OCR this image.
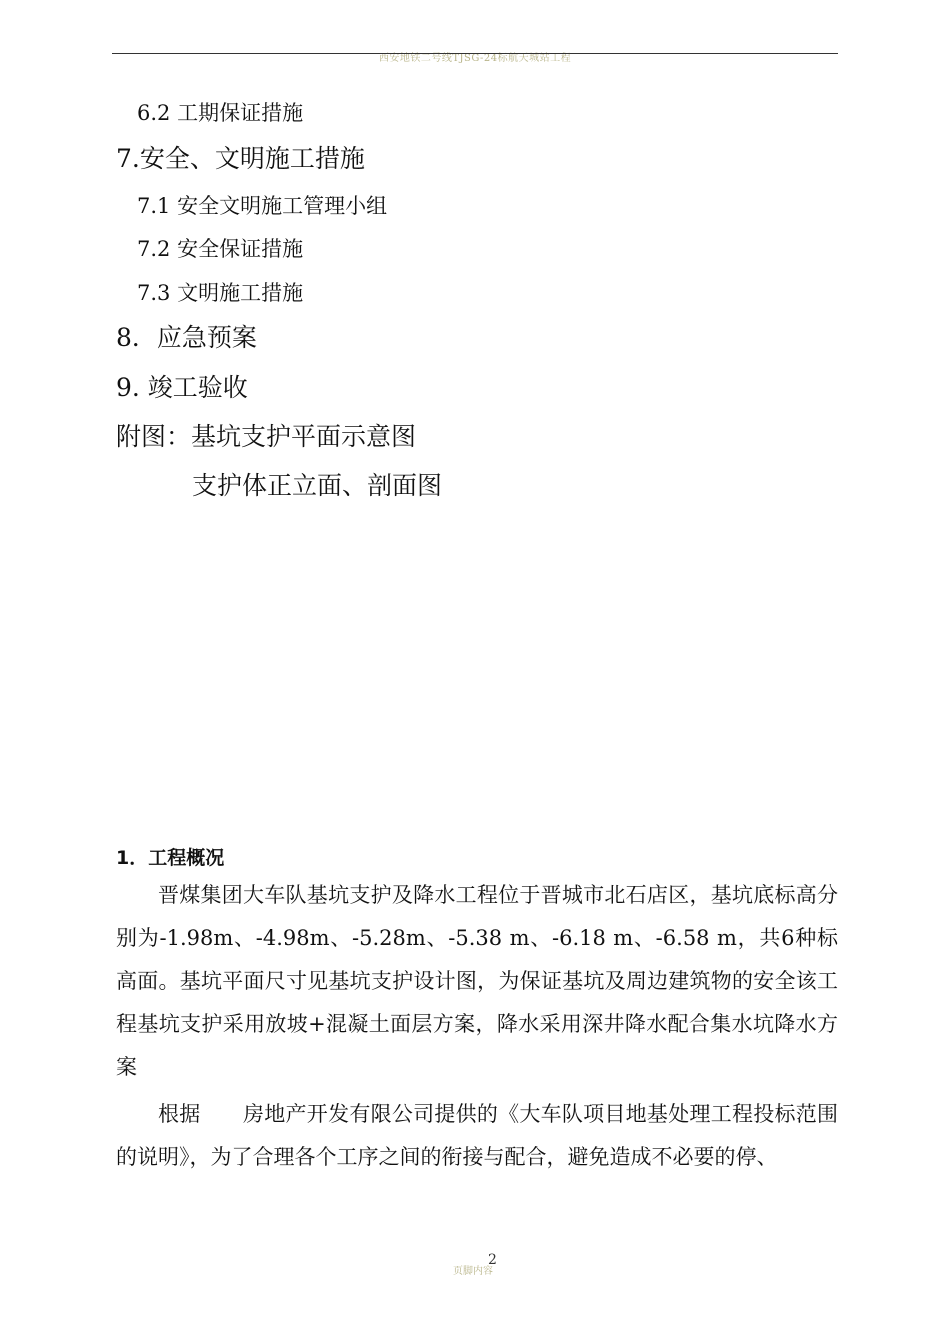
西安地铁二号线TJSG-24标航天城站工程
6.2 工期保证措施
7.安全、文明施工措施
7.1 安全文明施工管理小组
7.2 安全保证措施
7.3 文明施工措施
8．应急预案
9. 竣工验收
附图：基坑支护平面示意图
支护体正立面、剖面图
1．工程概况

晋煤集团大车队基坑支护及降水工程位于晋城市北石店区，基坑底标高分别为-1.98m、-4.98m、-5.28m、-5.38 m、-6.18 m、-6.58 m，共6种标高面。基坑平面尺寸见基坑支护设计图，为保证基坑及周边建筑物的安全该工程基坑支护采用放坡+混凝土面层方案，降水采用深井降水配合集水坑降水方案

根据　　房地产开发有限公司提供的《大车队项目地基处理工程投标范围的说明》，为了合理各个工序之间的衔接与配合，避免造成不必要的停、

页脚内容
2
